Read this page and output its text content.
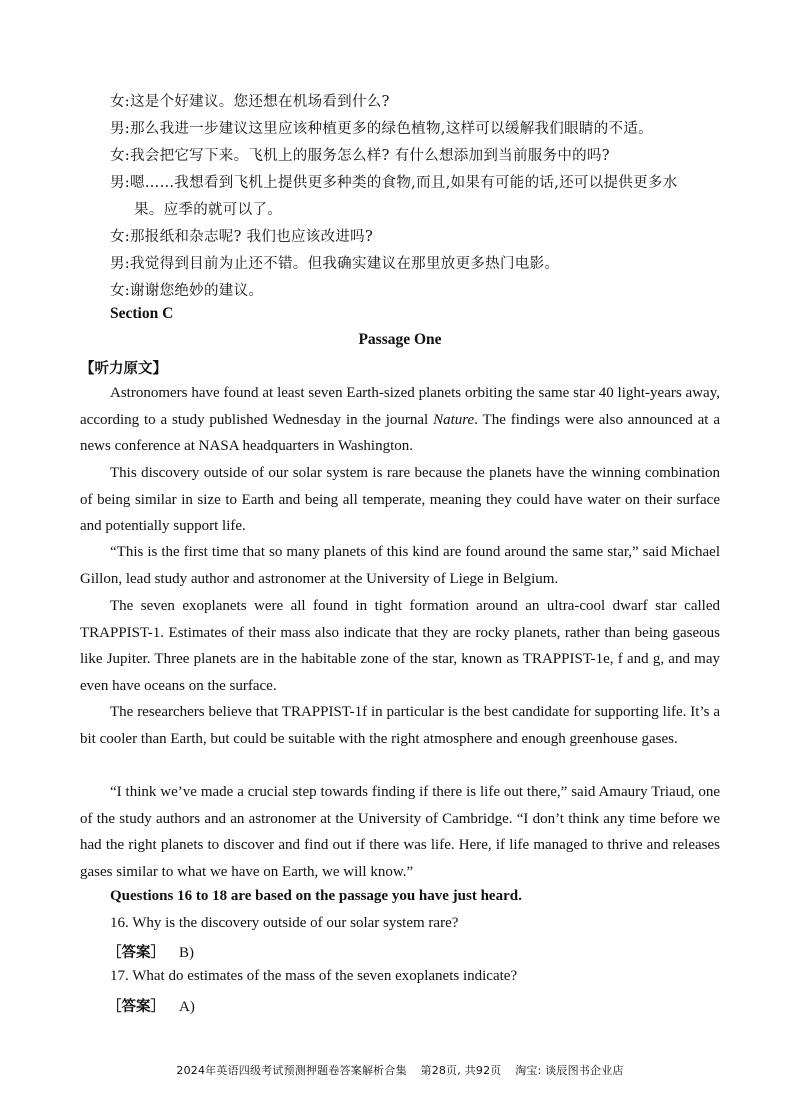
女:这是个好建议。您还想在机场看到什么?
男:那么我进一步建议这里应该种植更多的绿色植物,这样可以缓解我们眼睛的不适。
女:我会把它写下来。飞机上的服务怎么样? 有什么想添加到当前服务中的吗?
男:嗯……我想看到飞机上提供更多种类的食物,而且,如果有可能的话,还可以提供更多水
果。应季的就可以了。
女:那报纸和杂志呢? 我们也应该改进吗?
男:我觉得到目前为止还不错。但我确实建议在那里放更多热门电影。
女:谢谢您绝妙的建议。
Section C
Passage One
【听力原文】
Astronomers have found at least seven Earth-sized planets orbiting the same star 40 light-years away, according to a study published Wednesday in the journal Nature. The findings were also announced at a news conference at NASA headquarters in Washington.
This discovery outside of our solar system is rare because the planets have the winning combination of being similar in size to Earth and being all temperate, meaning they could have water on their surface and potentially support life.
“This is the first time that so many planets of this kind are found around the same star,” said Michael Gillon, lead study author and astronomer at the University of Liege in Belgium.
The seven exoplanets were all found in tight formation around an ultra-cool dwarf star called TRAPPIST-1. Estimates of their mass also indicate that they are rocky planets, rather than being gaseous like Jupiter. Three planets are in the habitable zone of the star, known as TRAPPIST-1e, f and g, and may even have oceans on the surface.
The researchers believe that TRAPPIST-1f in particular is the best candidate for supporting life. It’s a bit cooler than Earth, but could be suitable with the right atmosphere and enough greenhouse gases.
“I think we’ve made a crucial step towards finding if there is life out there,” said Amaury Triaud, one of the study authors and an astronomer at the University of Cambridge. “I don’t think any time before we had the right planets to discover and find out if there was life. Here, if life managed to thrive and releases gases similar to what we have on Earth, we will know.”
Questions 16 to 18 are based on the passage you have just heard.
16. Why is the discovery outside of our solar system rare?
［答案］ B)
17. What do estimates of the mass of the seven exoplanets indicate?
［答案］ A)
2024年英语四级考试预测押题卷答案解析合集 第28页, 共92页 淘宝: 谈辰图书企业店
